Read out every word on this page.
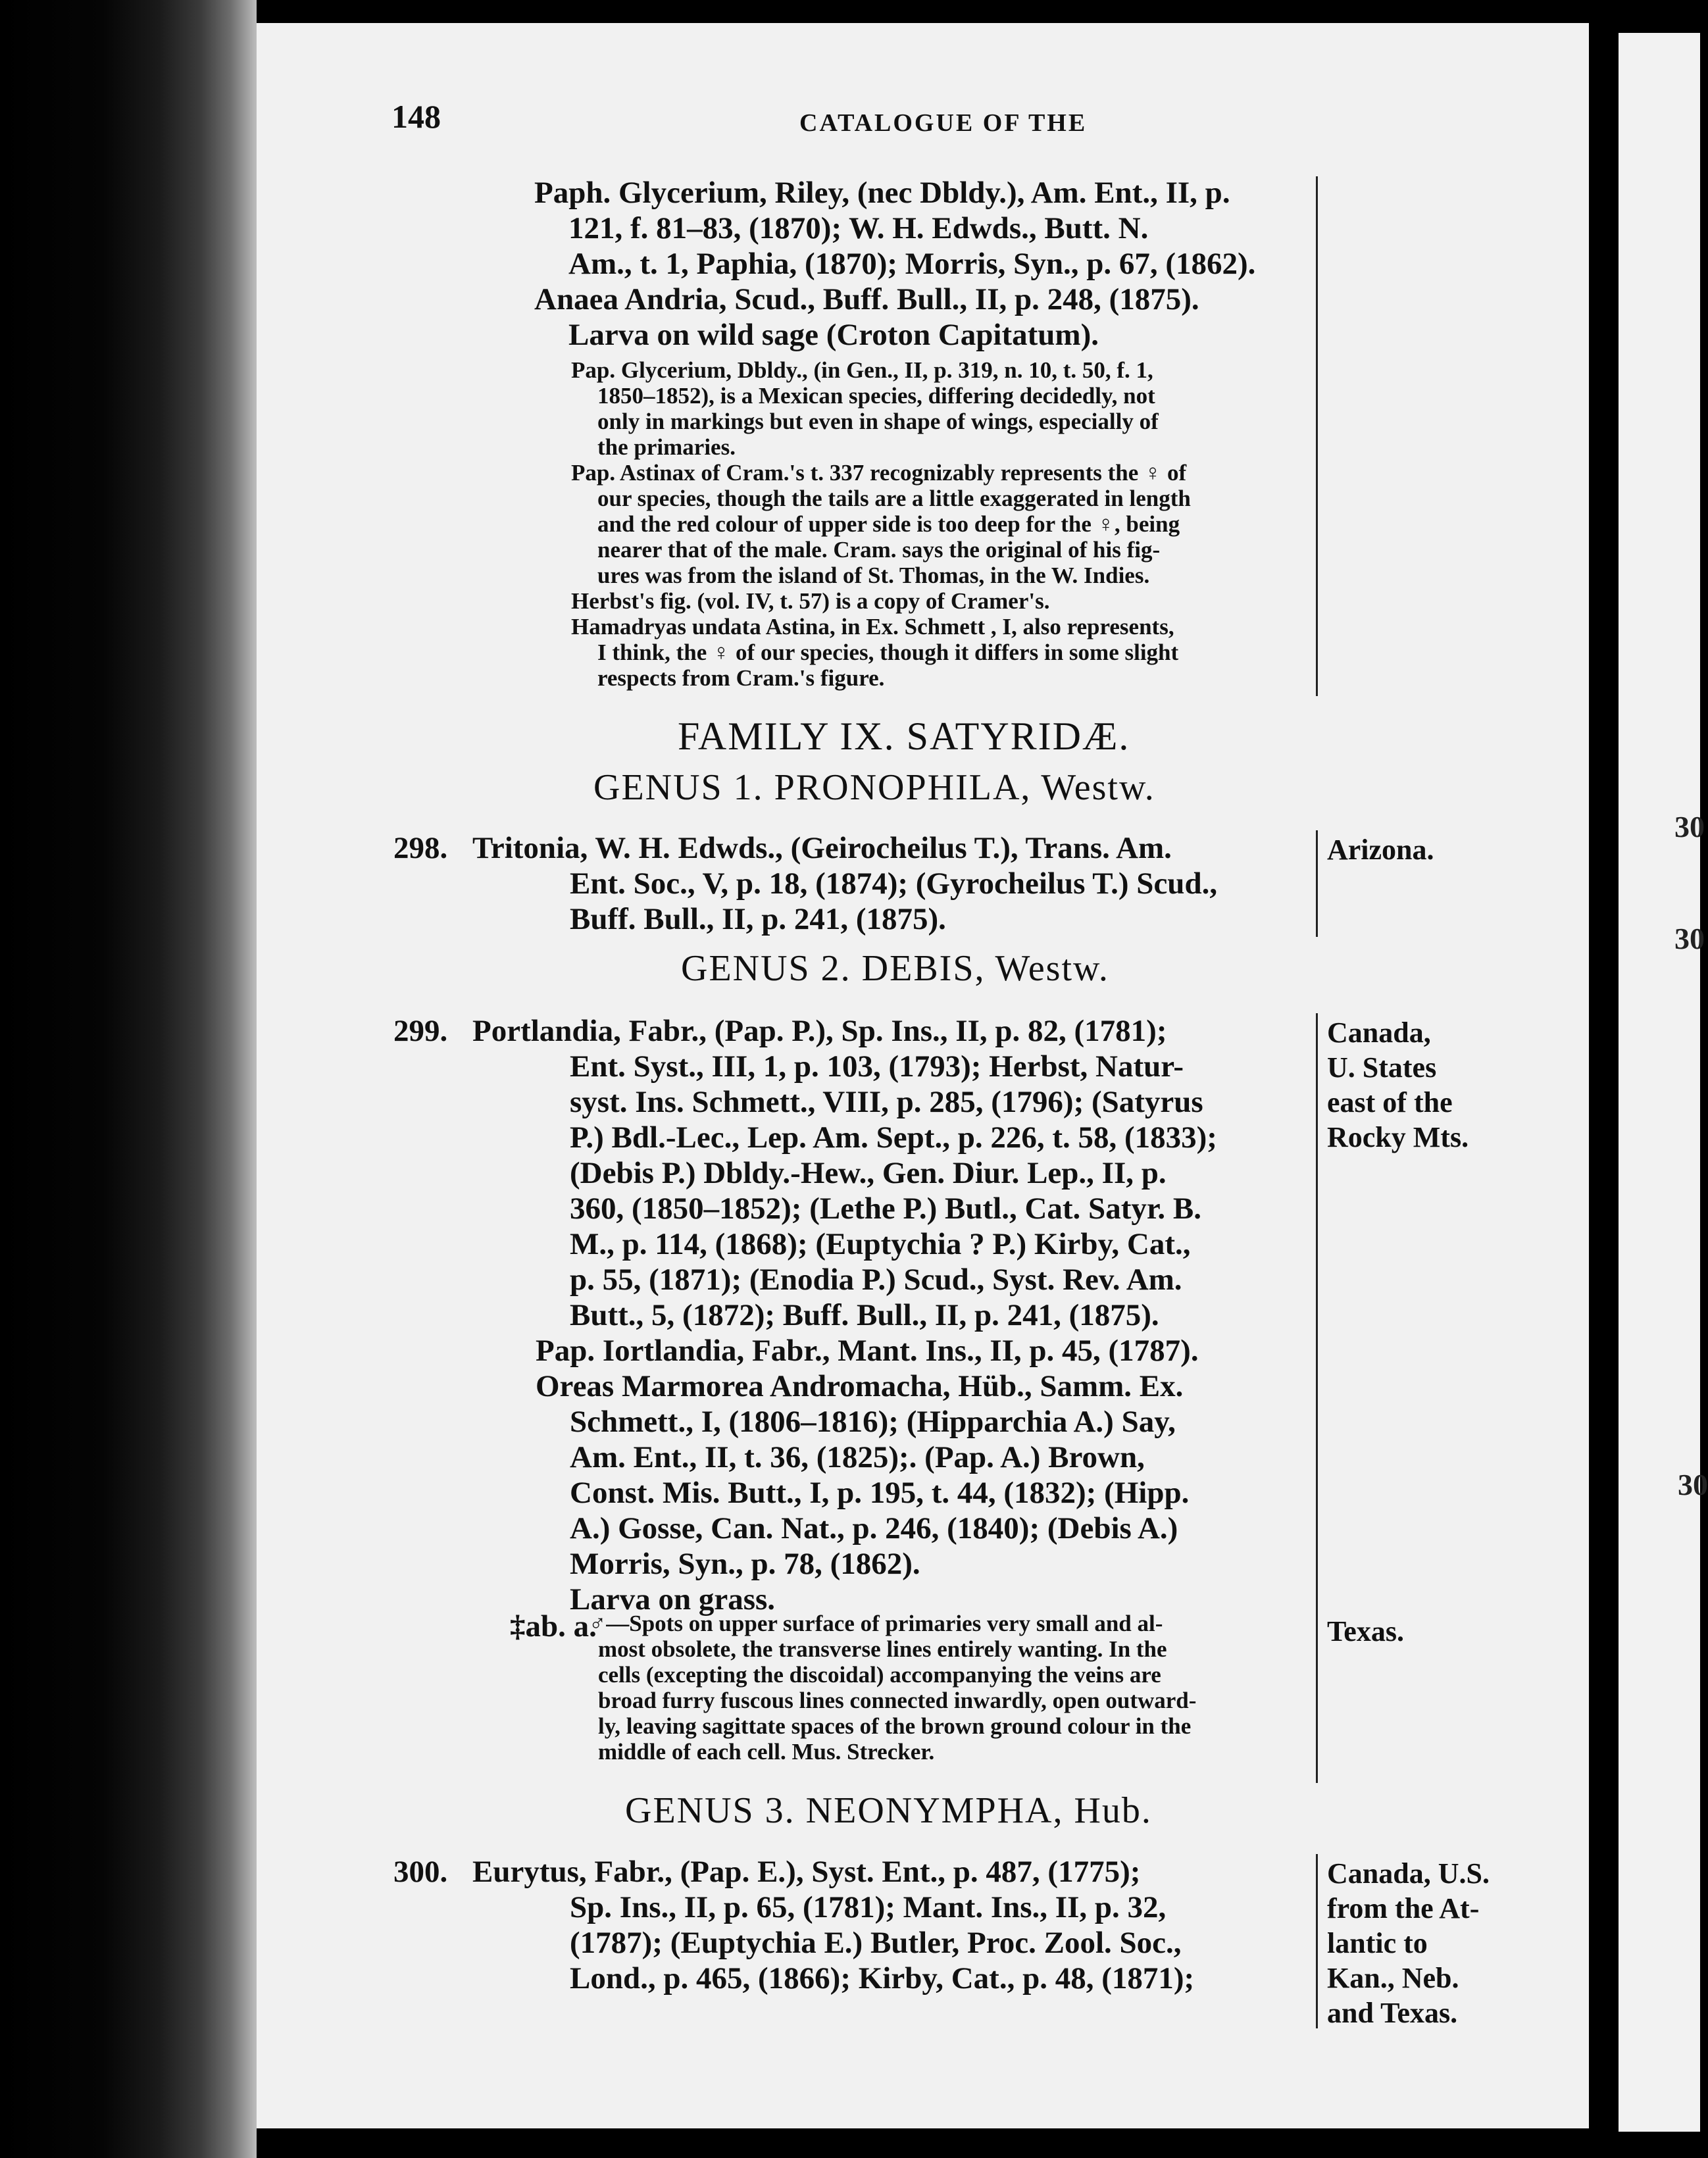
148	CATALOGUE OF THE
Paph. Glycerium, Riley, (nec Dbldy.), Am. Ent., II, p.
121, f. 81–83, (1870); W. H. Edwds., Butt. N.
Am., t. 1, Paphia, (1870); Morris, Syn., p. 67, (1862).
Anaea Andria, Scud., Buff. Bull., II, p. 248, (1875).
Larva on wild sage (Croton Capitatum).
Pap. Glycerium, Dbldy., (in Gen., II, p. 319, n. 10, t. 50, f. 1,
1850–1852), is a Mexican species, differing decidedly, not
only in markings but even in shape of wings, especially of
the primaries.
Pap. Astinax of Cram.'s t. 337 recognizably represents the ♀ of
our species, though the tails are a little exaggerated in length
and the red colour of upper side is too deep for the ♀, being
nearer that of the male. Cram. says the original of his fig-
ures was from the island of St. Thomas, in the W. Indies.
Herbst's fig. (vol. IV, t. 57) is a copy of Cramer's.
Hamadryas undata Astina, in Ex. Schmett , I, also represents,
I think, the ♀ of our species, though it differs in some slight
respects from Cram.'s figure.
FAMILY IX. SATYRIDÆ.
GENUS 1. PRONOPHILA, Westw.
298. Tritonia, W. H. Edwds., (Geirocheilus T.), Trans. Am.
Ent. Soc., V, p. 18, (1874); (Gyrocheilus T.) Scud.,
Buff. Bull., II, p. 241, (1875).
Arizona.
GENUS 2. DEBIS, Westw.
299. Portlandia, Fabr., (Pap. P.), Sp. Ins., II, p. 82, (1781);
Ent. Syst., III, 1, p. 103, (1793); Herbst, Natur-
syst. Ins. Schmett., VIII, p. 285, (1796); (Satyrus
P.) Bdl.-Lec., Lep. Am. Sept., p. 226, t. 58, (1833);
(Debis P.) Dbldy.-Hew., Gen. Diur. Lep., II, p.
360, (1850–1852); (Lethe P.) Butl., Cat. Satyr. B.
M., p. 114, (1868); (Euptychia ? P.) Kirby, Cat.,
p. 55, (1871); (Enodia P.) Scud., Syst. Rev. Am.
Butt., 5, (1872); Buff. Bull., II, p. 241, (1875).
Pap. Iortlandia, Fabr., Mant. Ins., II, p. 45, (1787).
Oreas Marmorea Andromacha, Hüb., Samm. Ex.
Schmett., I, (1806–1816); (Hipparchia A.) Say,
Am. Ent., II, t. 36, (1825);. (Pap. A.) Brown,
Const. Mis. Butt., I, p. 195, t. 44, (1832); (Hipp.
A.) Gosse, Can. Nat., p. 246, (1840); (Debis A.)
Morris, Syn., p. 78, (1862).
Larva on grass.
Canada,
U. States
east of the
Rocky Mts.
‡ab. a.
♂—Spots on upper surface of primaries very small and al-
most obsolete, the transverse lines entirely wanting. In the
cells (excepting the discoidal) accompanying the veins are
broad furry fuscous lines connected inwardly, open outward-
ly, leaving sagittate spaces of the brown ground colour in the
middle of each cell. Mus. Strecker.
Texas.
GENUS 3. NEONYMPHA, Hub.
300. Eurytus, Fabr., (Pap. E.), Syst. Ent., p. 487, (1775);
Sp. Ins., II, p. 65, (1781); Mant. Ins., II, p. 32,
(1787); (Euptychia E.) Butler, Proc. Zool. Soc.,
Lond., p. 465, (1866); Kirby, Cat., p. 48, (1871);
Canada, U.S.
from the At-
lantic to
Kan., Neb.
and Texas.
30
30
30
